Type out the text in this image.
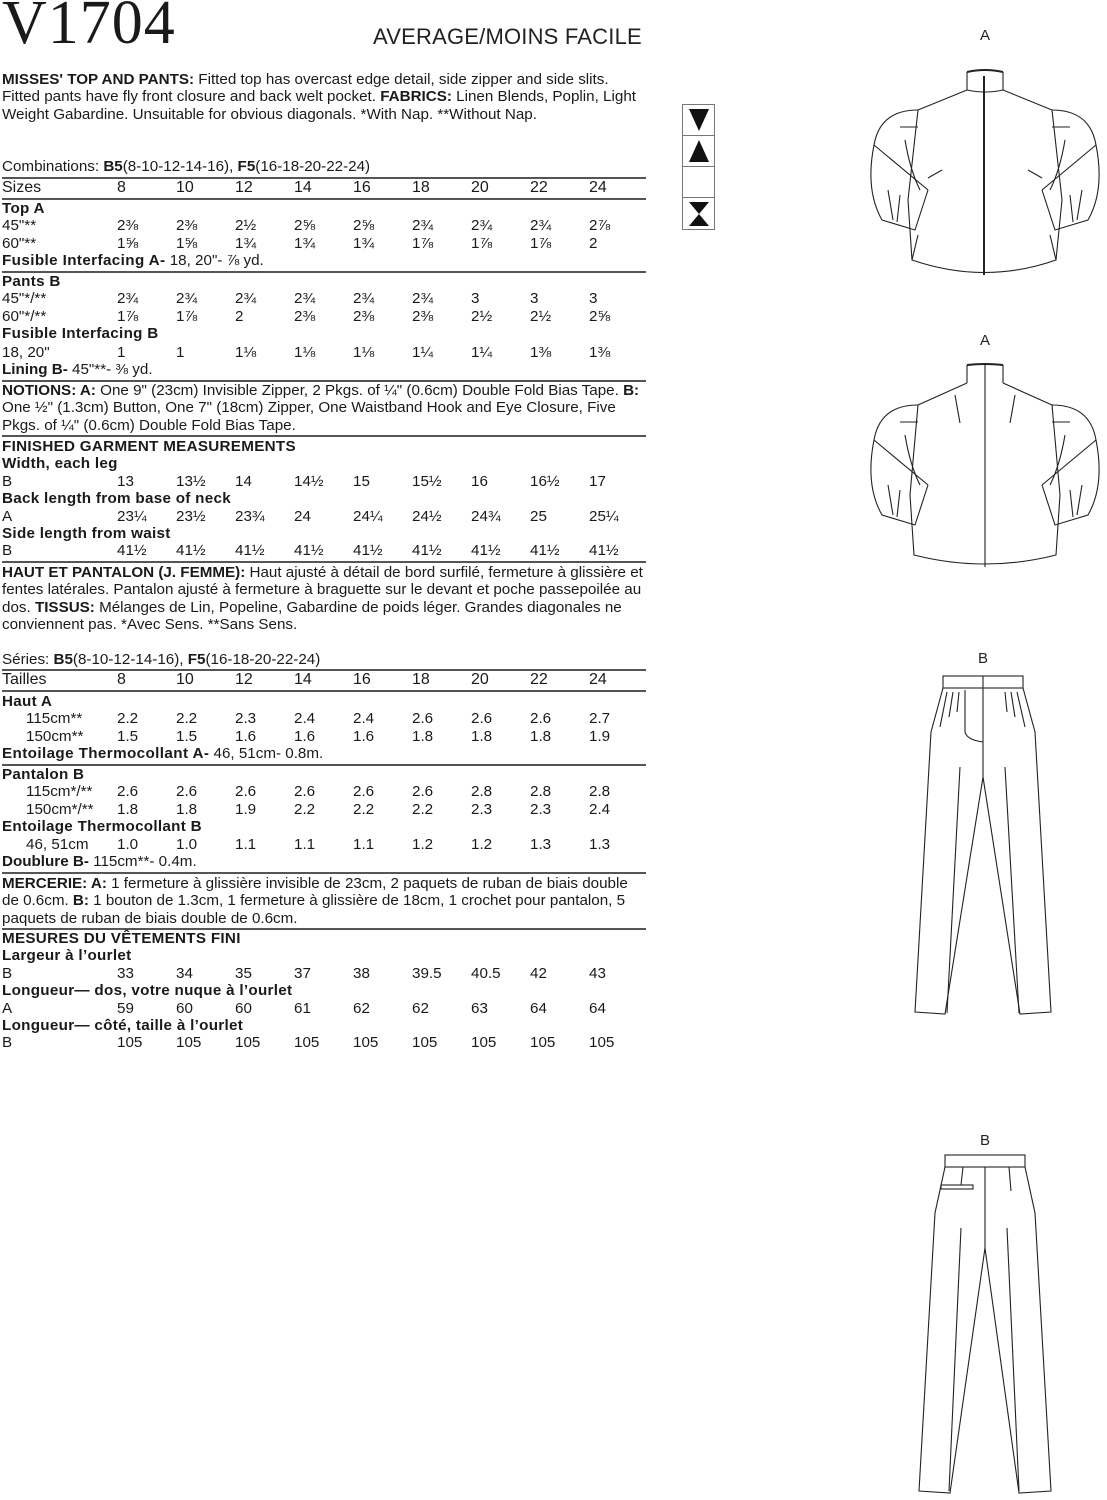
V1704	AVERAGE/MOINS FACILE
MISSES' TOP AND PANTS: Fitted top has overcast edge detail, side zipper and side slits. Fitted pants have fly front closure and back welt pocket. FABRICS: Linen Blends, Poplin, Light Weight Gabardine. Unsuitable for obvious diagonals. *With Nap. **Without Nap.
Combinations: B5(8-10-12-14-16), F5(16-18-20-22-24)
Sizes	8	10	12	14	16	18	20	22	24
Top A
45"**	2⅜ 2⅜ 2½ 2⅝ 2⅝ 2¾ 2¾ 2¾ 2⅞
60"**	1⅝ 1⅝ 1¾ 1¾ 1¾ 1⅞ 1⅞ 1⅞ 2
Fusible Interfacing A- 18, 20"- ⅞ yd.
Pants B
45"*/**	2¾ 2¾ 2¾ 2¾ 2¾ 2¾ 3	3	3
60"*/**	1⅞ 1⅞ 2	2⅜ 2⅜ 2⅜ 2½ 2½ 2⅝
Fusible Interfacing B
18, 20"	1	1	1⅛ 1⅛ 1⅛ 1¼ 1¼ 1⅜ 1⅜
Lining B- 45"**- ⅜ yd.
NOTIONS: A: One 9" (23cm) Invisible Zipper, 2 Pkgs. of ¼" (0.6cm) Double Fold Bias Tape. B: One ½" (1.3cm) Button, One 7" (18cm) Zipper, One Waistband Hook and Eye Closure, Five Pkgs. of ¼" (0.6cm) Double Fold Bias Tape.
FINISHED GARMENT MEASUREMENTS
Width, each leg
B	13	13½ 14	14½ 15	15½ 16	16½ 17
Back length from base of neck
A	23¼ 23½ 23¾ 24	24¼ 24½ 24¾ 25	25¼
Side length from waist
B	41½ 41½ 41½ 41½ 41½ 41½ 41½ 41½ 41½
HAUT ET PANTALON (J. FEMME): Haut ajusté à détail de bord surfilé, fermeture à glissière et fentes latérales. Pantalon ajusté à fermeture à braguette sur le devant et poche passepoilée au dos. TISSUS: Mélanges de Lin, Popeline, Gabardine de poids léger. Grandes diagonales ne conviennent pas. *Avec Sens. **Sans Sens.
Séries: B5(8-10-12-14-16), F5(16-18-20-22-24)
Tailles	8	10	12	14	16	18	20	22	24
Haut A
115cm** 2.2 2.2 2.3 2.4 2.4 2.6 2.6 2.6 2.7
150cm** 1.5 1.5 1.6 1.6 1.6 1.8 1.8 1.8 1.9
Entoilage Thermocollant A- 46, 51cm- 0.8m.
Pantalon B
115cm*/** 2.6 2.6 2.6 2.6 2.6 2.6 2.8 2.8 2.8
150cm*/** 1.8 1.8 1.9 2.2 2.2 2.2 2.3 2.3 2.4
Entoilage Thermocollant B
46, 51cm 1.0 1.0 1.1 1.1 1.1 1.2 1.2 1.3 1.3
Doublure B- 115cm**- 0.4m.
MERCERIE: A: 1 fermeture à glissière invisible de 23cm, 2 paquets de ruban de biais double de 0.6cm. B: 1 bouton de 1.3cm, 1 fermeture à glissière de 18cm, 1 crochet pour pantalon, 5 paquets de ruban de biais double de 0.6cm.
MESURES DU VÊTEMENTS FINI
Largeur à l’ourlet
B	33	34	35	37	38	39.5 40.5 42	43
Longueur— dos, votre nuque à l’ourlet
A	59	60	60	61	62	62	63	64	64
Longueur— côté, taille à l’ourlet
B	105 105 105 105 105 105 105 105 105
A
A
B
B
